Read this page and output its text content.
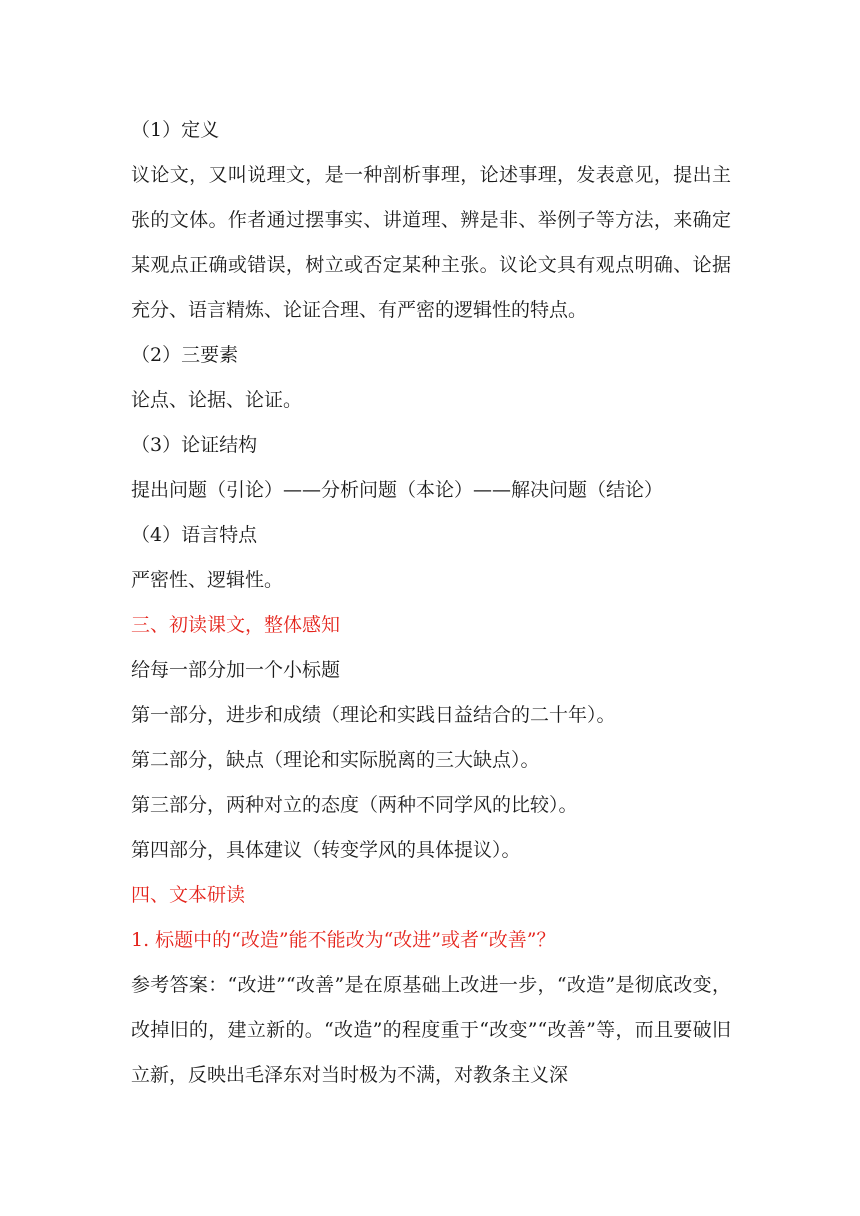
（1）定义
议论文，又叫说理文，是一种剖析事理，论述事理，发表意见，提出主张的文体。作者通过摆事实、讲道理、辨是非、举例子等方法，来确定某观点正确或错误，树立或否定某种主张。议论文具有观点明确、论据充分、语言精炼、论证合理、有严密的逻辑性的特点。
（2）三要素
论点、论据、论证。
（3）论证结构
提出问题（引论）——分析问题（本论）——解决问题（结论）
（4）语言特点
严密性、逻辑性。
三、初读课文，整体感知
给每一部分加一个小标题
第一部分，进步和成绩（理论和实践日益结合的二十年）。
第二部分，缺点（理论和实际脱离的三大缺点）。
第三部分，两种对立的态度（两种不同学风的比较）。
第四部分，具体建议（转变学风的具体提议）。
四、文本研读
1. 标题中的“改造”能不能改为“改进”或者“改善”？
参考答案：“改进”“改善”是在原基础上改进一步，“改造”是彻底改变，改掉旧的，建立新的。“改造”的程度重于“改变”“改善”等，而且要破旧立新，反映出毛泽东对当时极为不满，对教条主义深
